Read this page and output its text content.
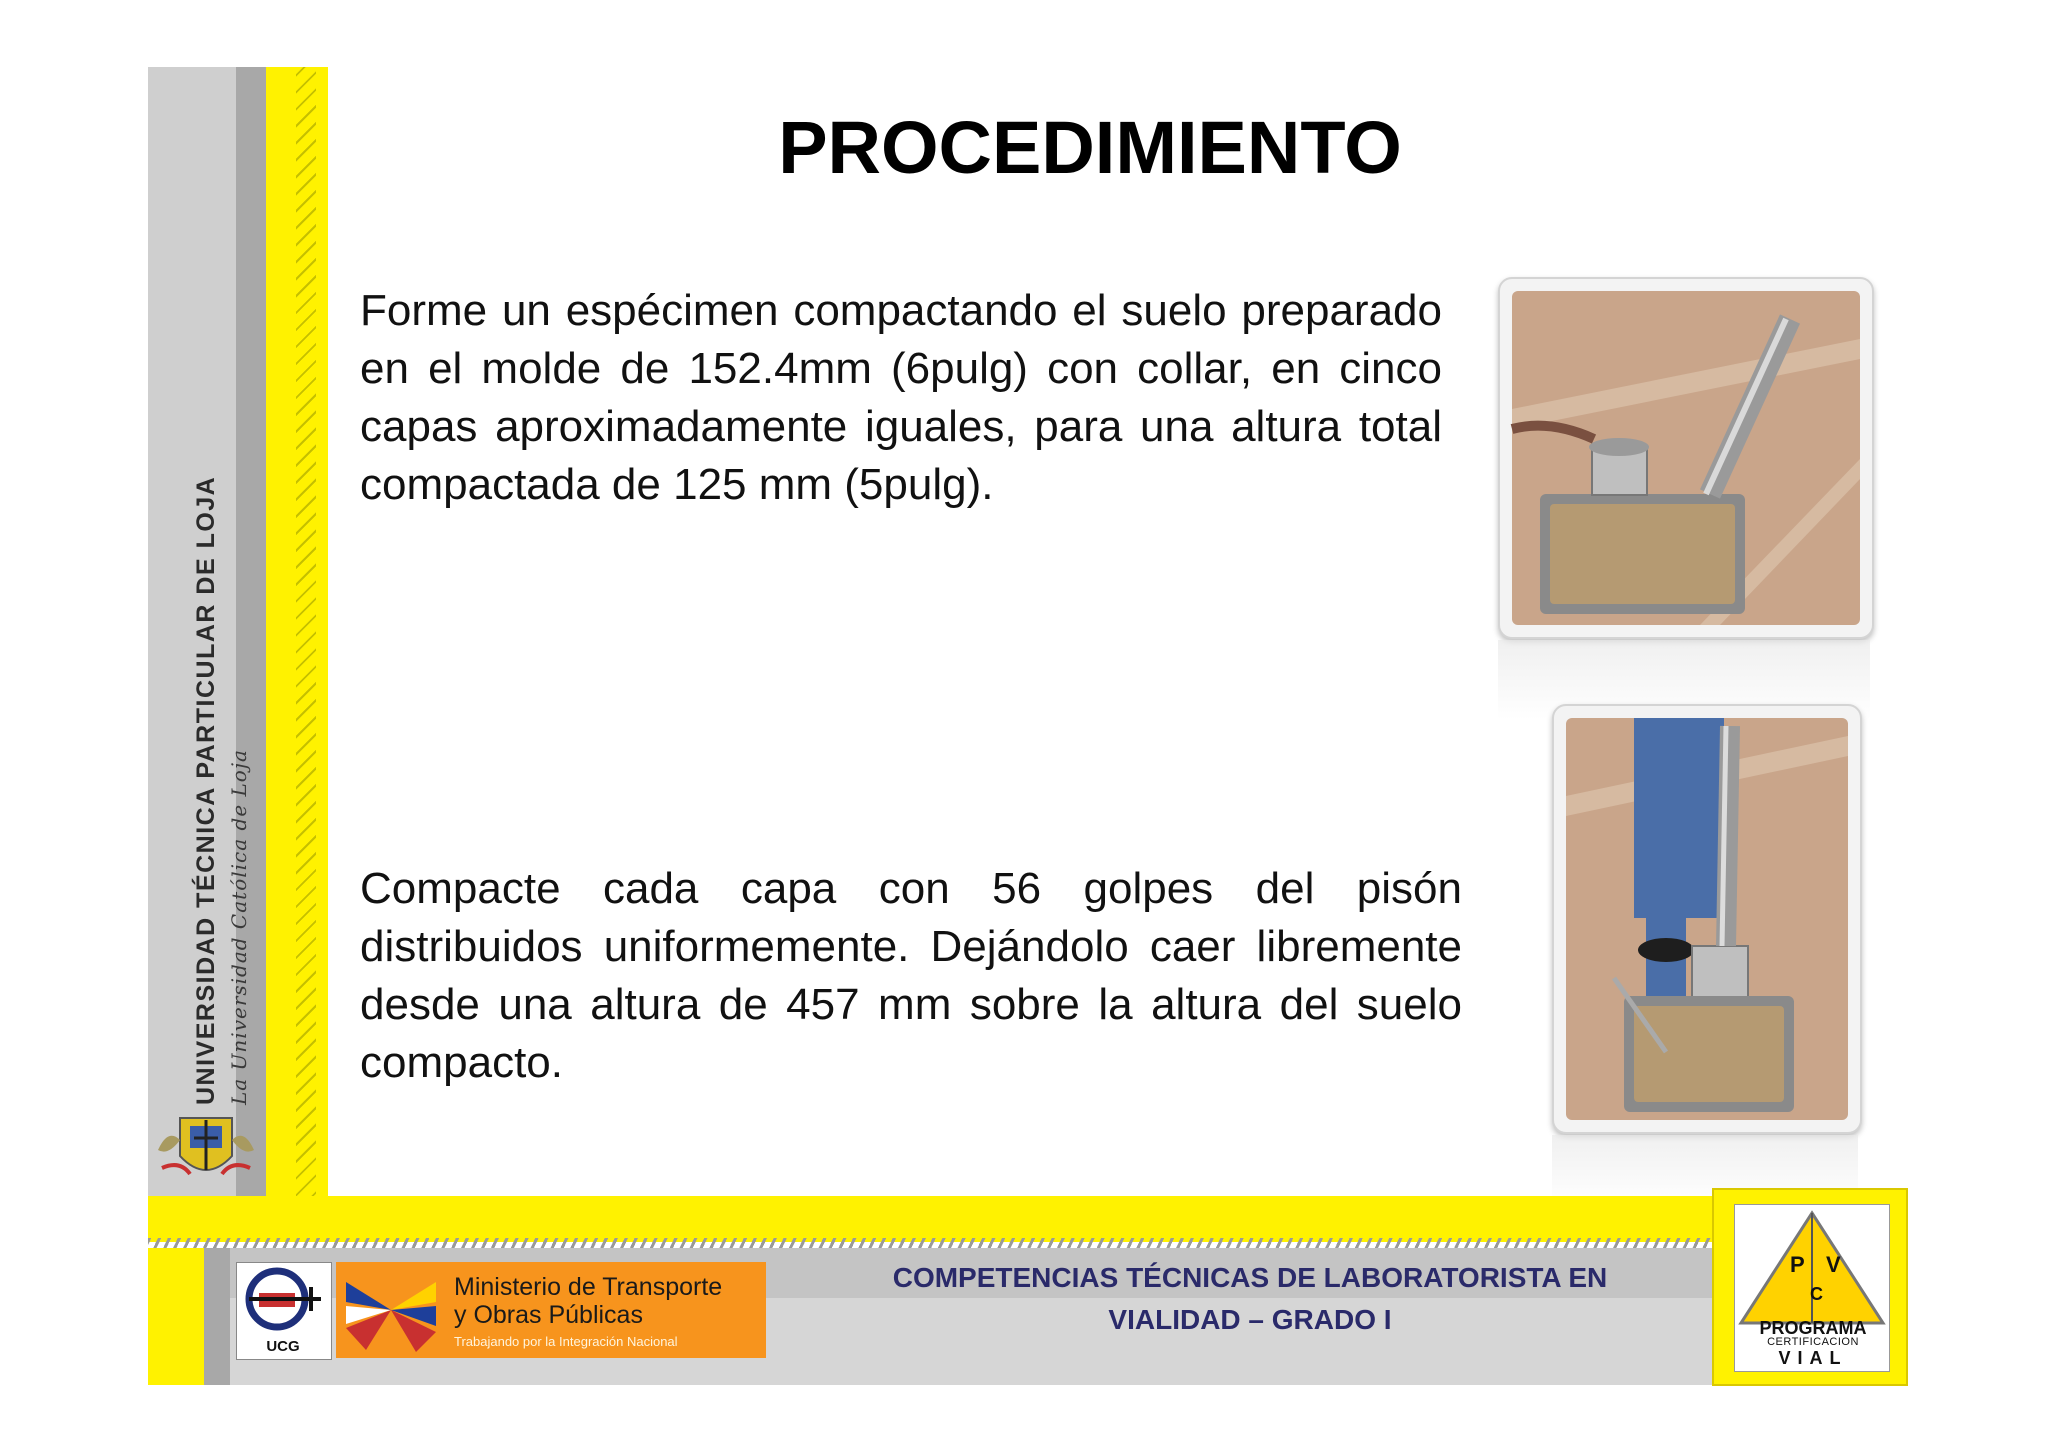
UNIVERSIDAD TÉCNICA PARTICULAR DE LOJA La Universidad Católica de Loja
PROCEDIMIENTO
Forme un espécimen compactando el suelo preparado en el molde de 152.4mm (6pulg) con collar, en cinco capas aproximadamente iguales, para una altura total compactada de 125 mm (5pulg).
Compacte cada capa con 56 golpes del pisón distribuidos uniformemente. Dejándolo caer libremente desde una altura de 457 mm sobre la altura del suelo compacto.
UCG
Ministerio de Transporte
y Obras Públicas
Trabajando por la Integración Nacional
COMPETENCIAS TÉCNICAS DE LABORATORISTA EN
VIALIDAD – GRADO I
P V
C
PROGRAMA
CERTIFICACION
VIAL
